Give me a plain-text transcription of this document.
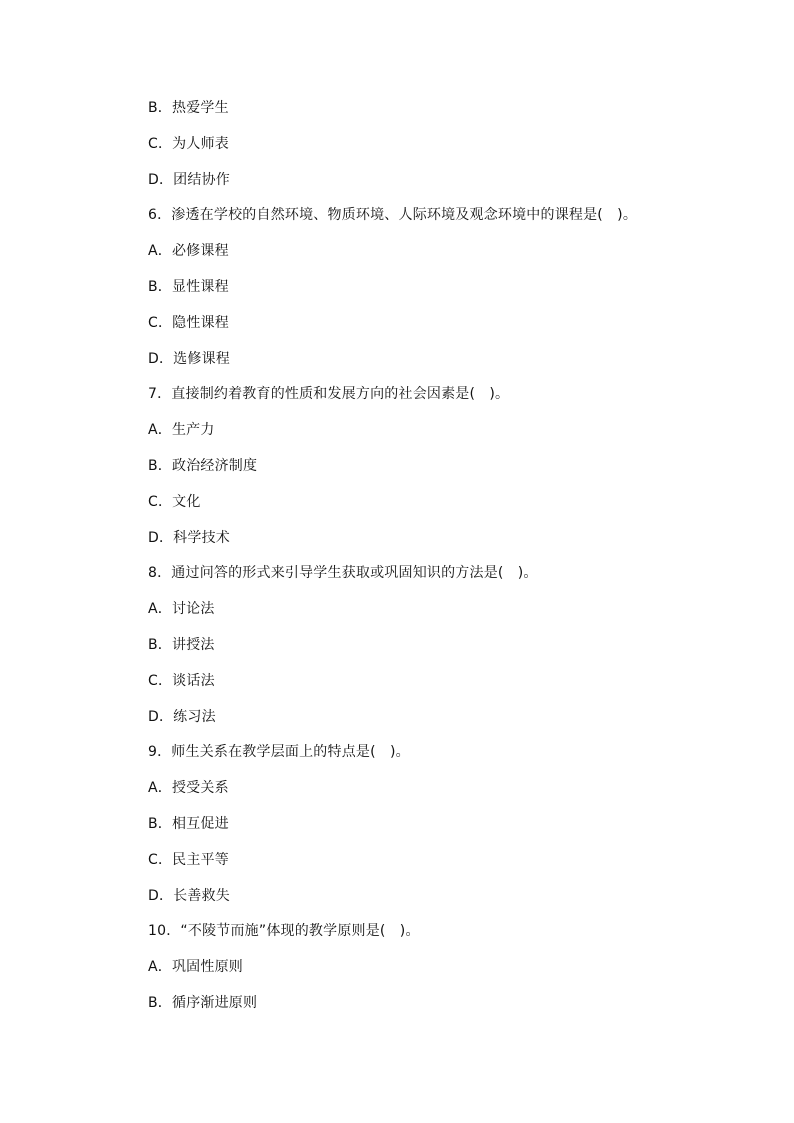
B．热爱学生
C．为人师表
D．团结协作
6．渗透在学校的自然环境、物质环境、人际环境及观念环境中的课程是(　)。
A．必修课程
B．显性课程
C．隐性课程
D．选修课程
7．直接制约着教育的性质和发展方向的社会因素是(　)。
A．生产力
B．政治经济制度
C．文化
D．科学技术
8．通过问答的形式来引导学生获取或巩固知识的方法是(　)。
A．讨论法
B．讲授法
C．谈话法
D．练习法
9．师生关系在教学层面上的特点是(　)。
A．授受关系
B．相互促进
C．民主平等
D．长善救失
10．“不陵节而施”体现的教学原则是(　)。
A．巩固性原则
B．循序渐进原则
